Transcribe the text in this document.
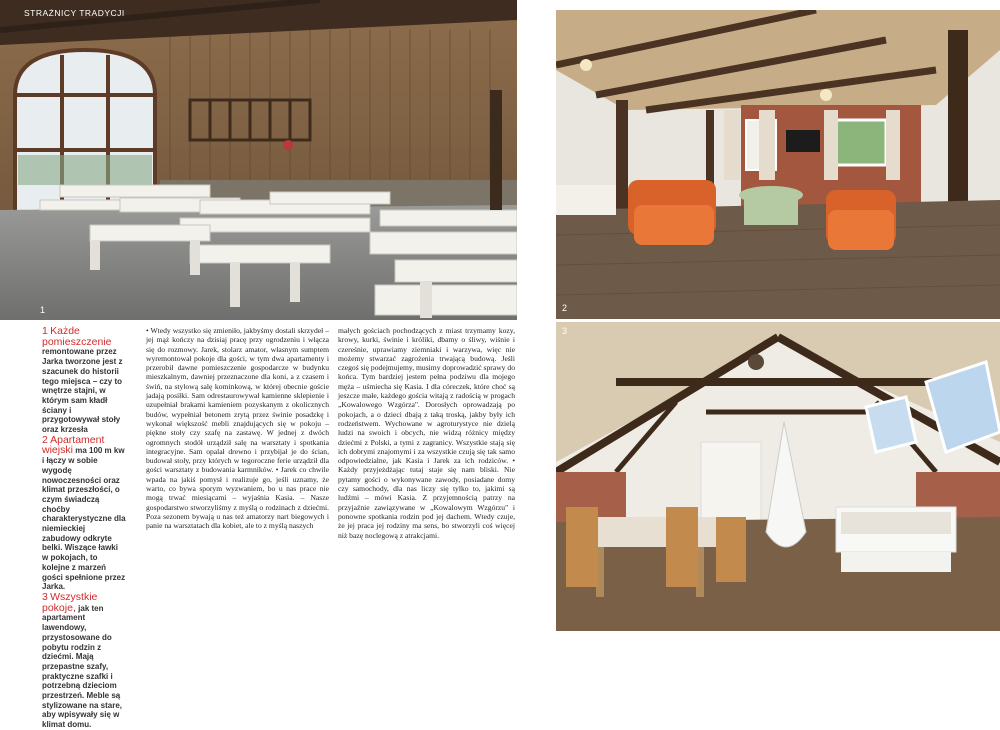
STRAŻNICY TRADYCJI
1

1 Każde pomieszczenie remontowane przez Jarka tworzone jest z szacunek do historii tego miejsca – czy to wnętrze stajni, w którym sam kładł ściany i przygotowywał stoły oraz krzesła

2 Apartament wiejski ma 100 m kw i łączy w sobie wygodę nowoczesności oraz klimat przeszłości, o czym świadczą choćby charakterystyczne dla niemieckiej zabudowy odkryte belki. Wiszące ławki w pokojach, to kolejne z marzeń gości spełnione przez Jarka.

3 Wszystkie pokoje, jak ten apartament lawendowy, przystosowane do pobytu rodzin z dziećmi. Mają przepastne szafy, praktyczne szafki i potrzebną dzieciom przestrzeń. Meble są stylizowane na stare, aby wpisywały się w klimat domu.

• Wtedy wszystko się zmieniło, jakbyśmy dostali skrzydeł – jej mąż kończy na dzisiaj pracę przy ogrodzeniu i włącza się do rozmowy. Jarek, stolarz amator, własnym sumptem wyremontował pokoje dla gości, w tym dwa apartamenty i przerobił dawne pomieszczenie gospodarcze w budynku mieszkalnym, dawniej przeznaczone dla koni, a z czasem i świń, na stylową salę kominkową, w której obecnie goście jadają posiłki. Sam odrestaurowywał kamienne sklepienie i uzupełniał brakami kamieniem pozyskanym z okolicznych budów, wypełniał betonem zrytą przez świnie posadzkę i wykonał większość mebli znajdujących się w pokoju – piękne stoły czy szafę na zastawę. W jednej z dwóch ogromnych stodół urządził salę na warsztaty i spotkania integracyjne. Sam opalał drewno i przybijał je do ścian, budował stoły, przy których w tegoroczne ferie urządził dla gości warsztaty z budowania karmników. • Jarek co chwile wpada na jakiś pomysł i realizuje go, jeśli uznamy, że warto, co bywa sporym wyzwaniem, bo u nas prace nie mogą trwać miesiącami – wyjaśnia Kasia. – Nasze gospodarstwo stworzyliśmy z myślą o rodzinach z dziećmi. Poza sezonem bywają u nas też amatorzy nart biegowych i panie na warsztatach dla kobiet, ale to z myślą naszych

małych gościach pochodzących z miast trzymamy kozy, krowy, kurki, świnie i króliki, dbamy o śliwy, wiśnie i czereśnie, uprawiamy ziemniaki i warzywa, więc nie możemy stwarzać zagrożenia trwającą budową. Jeśli czegoś się podejmujemy, musimy doprowadzić sprawy do końca. Tym bardziej jestem pełna podziwu dla mojego męża – uśmiecha się Kasia. I dla córeczek, które choć są jeszcze małe, każdego gościa witają z radością w progach „Kowalowego Wzgórza". Dorosłych oprowadzają po pokojach, a o dzieci dbają z taką troską, jakby były ich rodzeństwem. Wychowane w agroturystyce nie dzielą ludzi na swoich i obcych, nie widzą różnicy między dziećmi z Polski, a tymi z zagranicy. Wszystkie stają się ich dobrymi znajomymi i za wszystkie czują się tak samo odpowiedzialne, jak Kasia i Jarek za ich rodziców. • Każdy przyjeżdżając tutaj staje się nam bliski. Nie pytamy gości o wykonywane zawody, posiadane domy czy samochody, dla nas liczy się tylko to, jakimi są ludźmi – mówi Kasia. Z przyjemnością patrzy na przyjaźnie zawiązywane w „Kowalowym Wzgórzu" i ponowne spotkania rodzin pod jej dachem. Wtedy czuje, że jej praca jej rodziny ma sens, bo stworzyli coś więcej niż bazę noclegową z atrakcjami.

2
3
